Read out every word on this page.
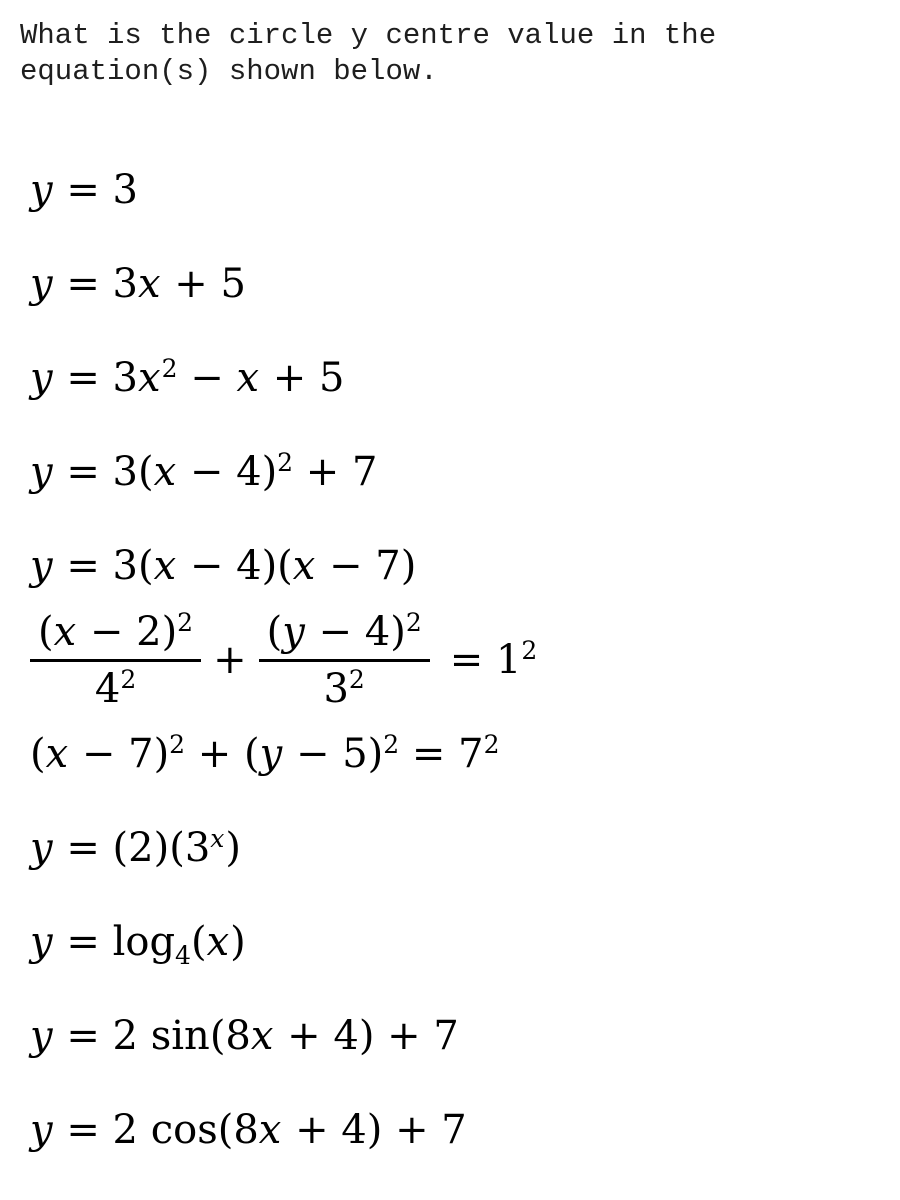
What is the circle y centre value in the
equation(s) shown below.
y = 3
y = 3x + 5
$y = 3x^2 - x + 5$
$y = 3(x - 4)^2 + 7$
y = 3(x − 4)(x − 7)
$\frac{(x - 2)^2}{4^2} + \frac{(y - 4)^2}{3^2} = 1^2$
$(x - 7)^2 + (y - 5)^2 = 7^2$
$y = (2)(3^x)$
$y = \log_4(x)$
y = 2 sin(8x + 4) + 7
y = 2 cos(8x + 4) + 7
